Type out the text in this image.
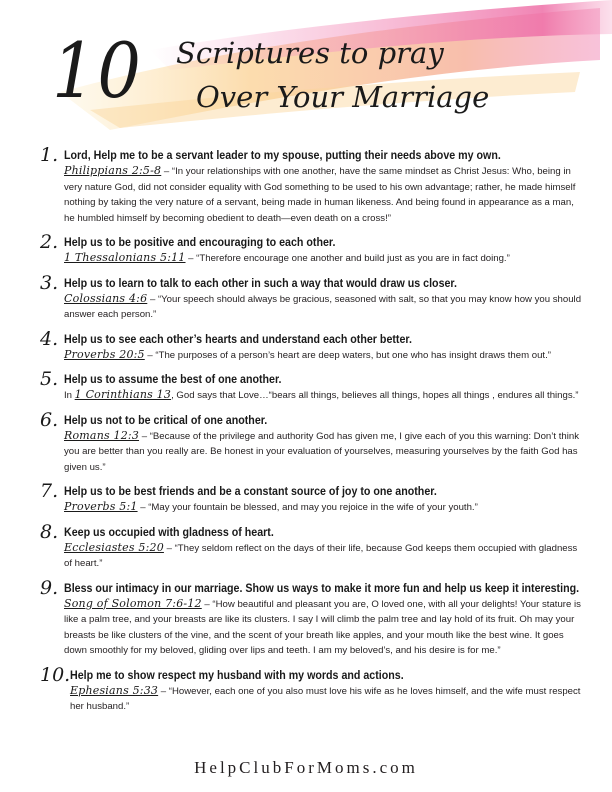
10 Scriptures to pray
Over Your Marriage
1. Lord, Help me to be a servant leader to my spouse, putting their needs above my own.
Philippians 2:5-8 – “In your relationships with one another, have the same mindset as Christ Jesus: Who, being in very nature God, did not consider equality with God something to be used to his own advantage; rather, he made himself nothing by taking the very nature of a servant, being made in human likeness. And being found in appearance as a man, he humbled himself by becoming obedient to death—even death on a cross!”
2. Help us to be positive and encouraging to each other.
1 Thessalonians 5:11 – “Therefore encourage one another and build just as you are in fact doing.”
3. Help us to learn to talk to each other in such a way that would draw us closer.
Colossians 4:6 – “Your speech should always be gracious, seasoned with salt, so that you may know how you should answer each person.”
4. Help us to see each other’s hearts and understand each other better.
Proverbs 20:5 – “The purposes of a person’s heart are deep waters, but one who has insight draws them out.”
5. Help us to assume the best of one another.
In 1 Corinthians 13, God says that Love…“bears all things, believes all things, hopes all things , endures all things.”
6. Help us not to be critical of one another.
Romans 12:3 – “Because of the privilege and authority God has given me, I give each of you this warning: Don’t think you are better than you really are. Be honest in your evaluation of yourselves, measuring yourselves by the faith God has given us.”
7. Help us to be best friends and be a constant source of joy to one another.
Proverbs 5:1 – “May your fountain be blessed, and may you rejoice in the wife of your youth.”
8. Keep us occupied with gladness of heart.
Ecclesiastes 5:20 – “They seldom reflect on the days of their life, because God keeps them occupied with gladness of heart.”
9. Bless our intimacy in our marriage. Show us ways to make it more fun and help us keep it interesting.
Song of Solomon 7:6-12 – “How beautiful and pleasant you are, O loved one, with all your delights! Your stature is like a palm tree, and your breasts are like its clusters. I say I will climb the palm tree and lay hold of its fruit. Oh may your breasts be like clusters of the vine, and the scent of your breath like apples, and your mouth like the best wine. It goes down smoothly for my beloved, gliding over lips and teeth. I am my beloved’s, and his desire is for me.”
10. Help me to show respect my husband with my words and actions.
Ephesians 5:33 – “However, each one of you also must love his wife as he loves himself, and the wife must respect her husband.”
HelpClubForMoms.com
